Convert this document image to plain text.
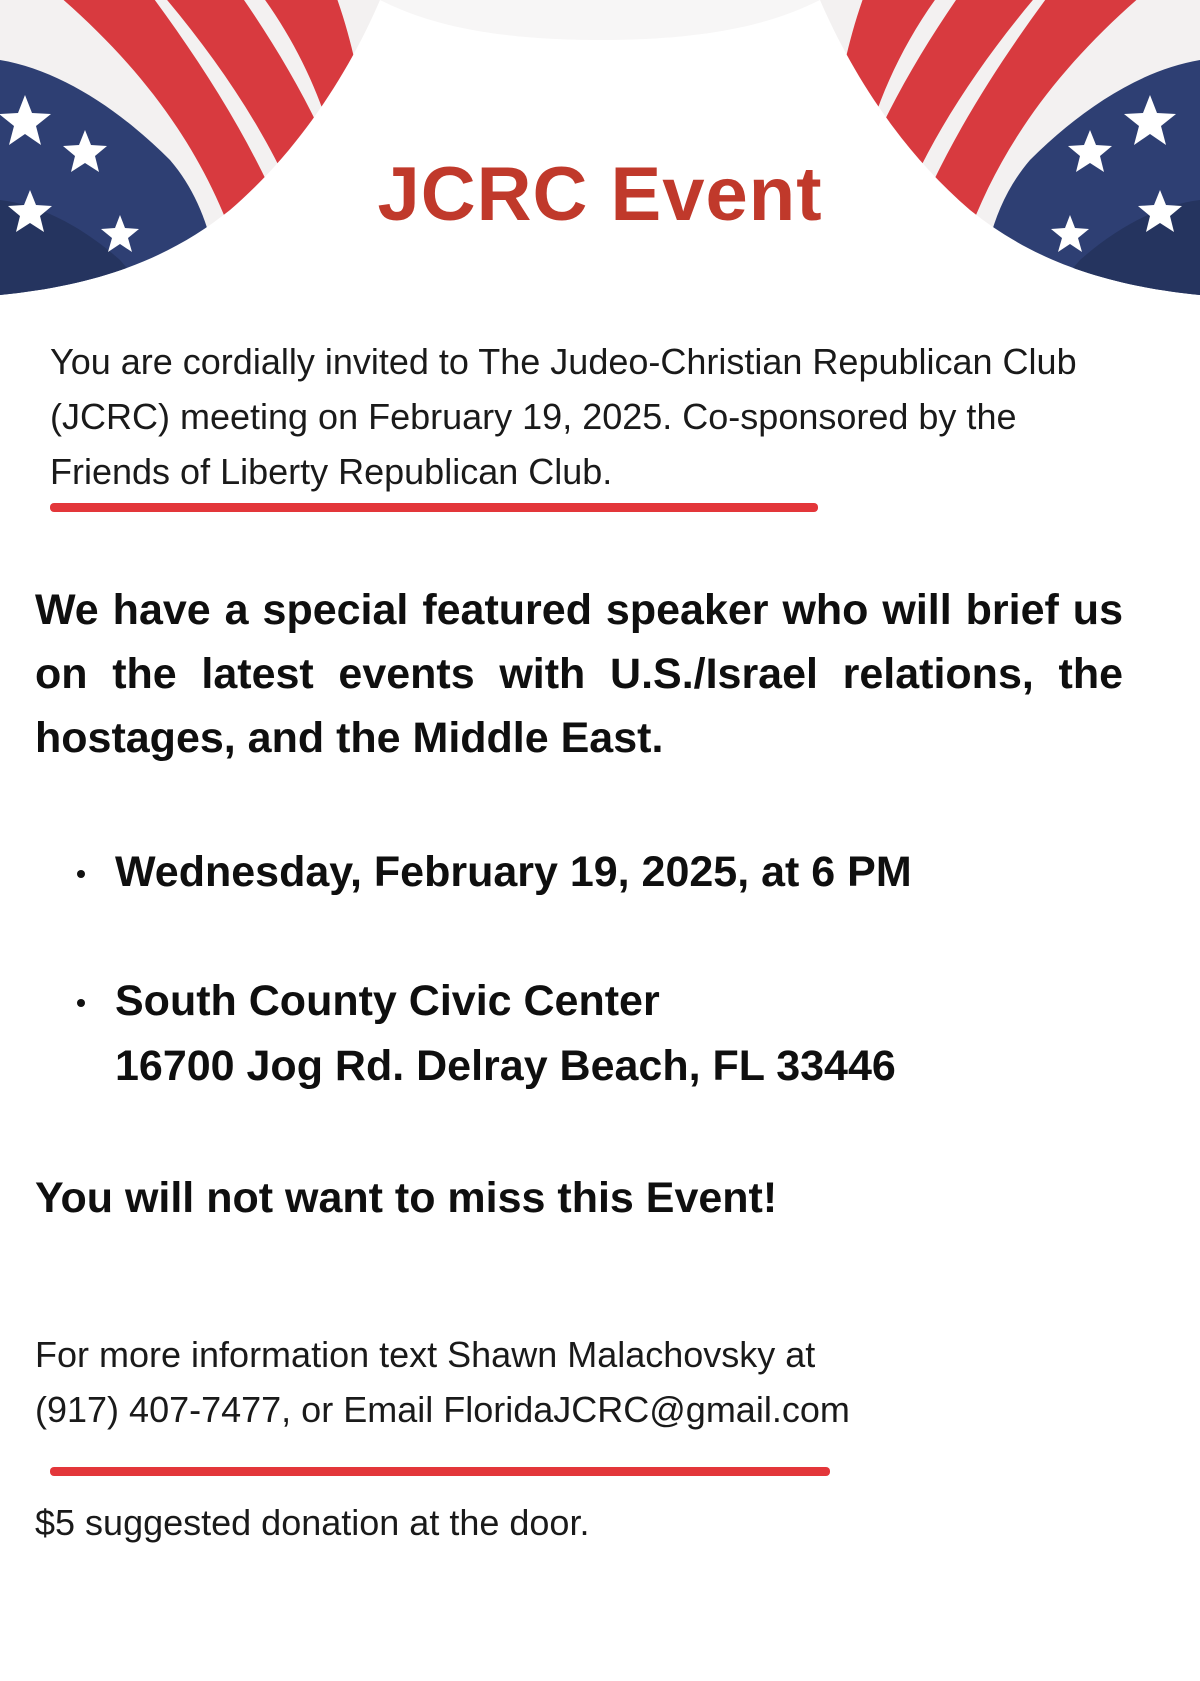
JCRC Event

You are cordially invited to The Judeo-Christian Republican Club (JCRC) meeting on February 19, 2025. Co-sponsored by the Friends of Liberty Republican Club.

We have a special featured speaker who will brief us on the latest events with U.S./Israel relations, the hostages, and the Middle East.

Wednesday, February 19, 2025, at 6 PM
South County Civic Center
16700 Jog Rd. Delray Beach, FL 33446

You will not want to miss this Event!

For more information text Shawn Malachovsky at
(917) 407-7477, or Email FloridaJCRC@gmail.com

$5 suggested donation at the door.
